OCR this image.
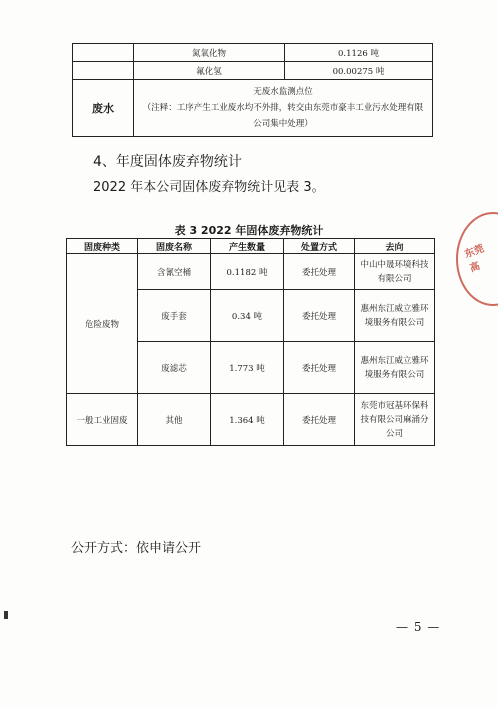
	氮氧化物	0.1126 吨
	氟化氢	00.00275 吨
废水	无废水监测点位
（注释：工序产生工业废水均不外排，转交由东莞市豪丰工业污水处理有限公司集中处理）	
4、年度固体废弃物统计
2022 年本公司固体废弃物统计见表 3。
表 3 2022 年固体废弃物统计
固废种类	固废名称	产生数量	处置方式	去向
危险废物	含氰空桶	0.1182 吨	委托处理	中山中晟环境科技有限公司
	废手套	0.34 吨	委托处理	惠州东江威立雅环境服务有限公司
	废滤芯	1.773 吨	委托处理	惠州东江威立雅环境服务有限公司
一般工业固废	其他	1.364 吨	委托处理	东莞市冠基环保科技有限公司麻涌分公司
公开方式：依申请公开
— 5 —
东莞 高
